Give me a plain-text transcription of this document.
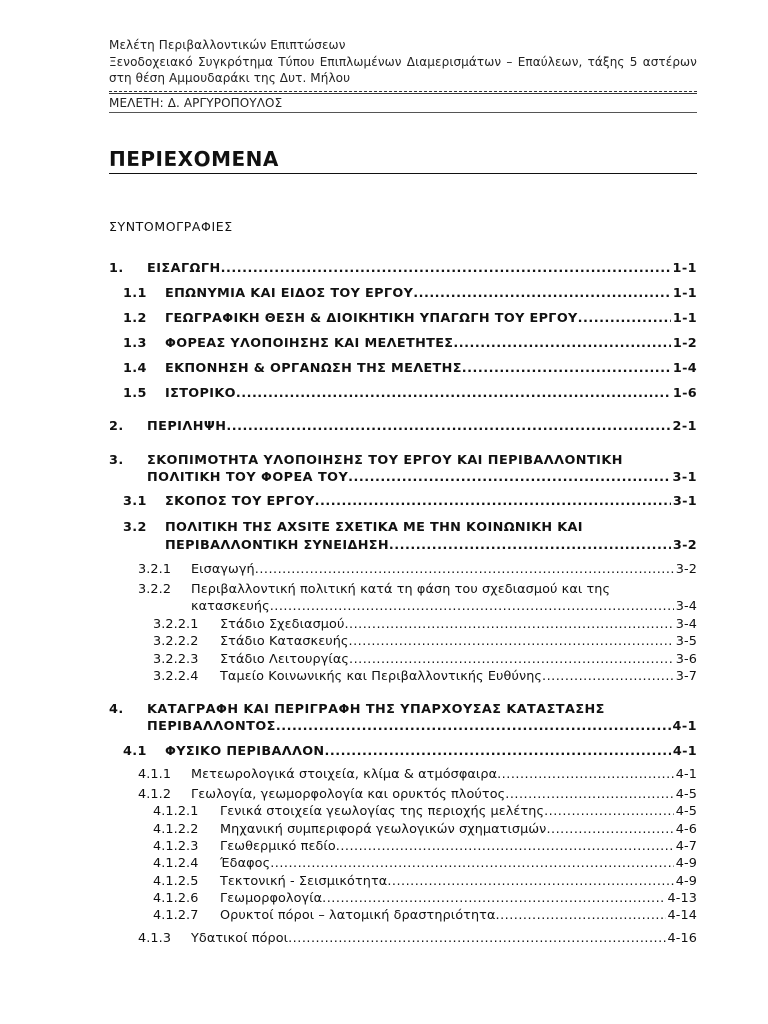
Μελέτη Περιβαλλοντικών Επιπτώσεων
Ξενοδοχειακό Συγκρότημα Τύπου Επιπλωμένων Διαμερισμάτων – Επαύλεων, τάξης 5 αστέρων στη θέση Αμμουδαράκι της Δυτ. Μήλου
ΜΕΛΕΤΗ: Δ. ΑΡΓΥΡΟΠΟΥΛΟΣ
ΠΕΡΙΕΧΟΜΕΝΑ
ΣΥΝΤΟΜΟΓΡΑΦΙΕΣ
1.	ΕΙΣΑΓΩΓΗ .....	1-1
1.1	ΕΠΩΝΥΜΙΑ ΚΑΙ ΕΙΔΟΣ ΤΟΥ ΕΡΓΟΥ .....	1-1
1.2	ΓΕΩΓΡΑΦΙΚΗ ΘΕΣΗ & ΔΙΟΙΚΗΤΙΚΗ ΥΠΑΓΩΓΗ ΤΟΥ ΕΡΓΟΥ .....	1-1
1.3	ΦΟΡΕΑΣ ΥΛΟΠΟΙΗΣΗΣ ΚΑΙ ΜΕΛΕΤΗΤΕΣ .....	1-2
1.4	ΕΚΠΟΝΗΣΗ & ΟΡΓΑΝΩΣΗ ΤΗΣ ΜΕΛΕΤΗΣ .....	1-4
1.5	ΙΣΤΟΡΙΚΟ .....	1-6
2.	ΠΕΡΙΛΗΨΗ .....	2-1
3. ΣΚΟΠΙΜΟΤΗΤΑ ΥΛΟΠΟΙΗΣΗΣ ΤΟΥ ΕΡΓΟΥ ΚΑΙ ΠΕΡΙΒΑΛΛΟΝΤΙΚΗ
ΠΟΛΙΤΙΚΗ ΤΟΥ ΦΟΡΕΑ ΤΟΥ .....	3-1
3.1	ΣΚΟΠΟΣ ΤΟΥ ΕΡΓΟΥ .....	3-1
3.2 ΠΟΛΙΤΙΚΗ ΤΗΣ AXSITE ΣΧΕΤΙΚΑ ΜΕ ΤΗΝ ΚΟΙΝΩΝΙΚΗ ΚΑΙ
ΠΕΡΙΒΑΛΛΟΝΤΙΚΗ ΣΥΝΕΙΔΗΣΗ .....	3-2
3.2.1	Εισαγωγή .....	3-2
3.2.2 Περιβαλλοντική πολιτική κατά τη φάση του σχεδιασμού και της
κατασκευής .....	3-4
3.2.2.1	Στάδιο Σχεδιασμού .....	3-4
3.2.2.2	Στάδιο Κατασκευής .....	3-5
3.2.2.3	Στάδιο Λειτουργίας .....	3-6
3.2.2.4	Ταμείο Κοινωνικής και Περιβαλλοντικής Ευθύνης .....	3-7
4. ΚΑΤΑΓΡΑΦΗ ΚΑΙ ΠΕΡΙΓΡΑΦΗ ΤΗΣ ΥΠΑΡΧΟΥΣΑΣ ΚΑΤΑΣΤΑΣΗΣ
ΠΕΡΙΒΑΛΛΟΝΤΟΣ .....	4-1
4.1	ΦΥΣΙΚΟ ΠΕΡΙΒΑΛΛΟΝ .....	4-1
4.1.1	Μετεωρολογικά στοιχεία, κλίμα & ατμόσφαιρα .....	4-1
4.1.2	Γεωλογία, γεωμορφολογία και ορυκτός πλούτος .....	4-5
4.1.2.1	Γενικά στοιχεία γεωλογίας της περιοχής μελέτης .....	4-5
4.1.2.2	Μηχανική συμπεριφορά γεωλογικών σχηματισμών .....	4-6
4.1.2.3	Γεωθερμικό πεδίο .....	4-7
4.1.2.4	Έδαφος .....	4-9
4.1.2.5	Τεκτονική - Σεισμικότητα .....	4-9
4.1.2.6	Γεωμορφολογία .....	4-13
4.1.2.7	Ορυκτοί πόροι – λατομική δραστηριότητα .....	4-14
4.1.3	Υδατικοί πόροι .....	4-16
